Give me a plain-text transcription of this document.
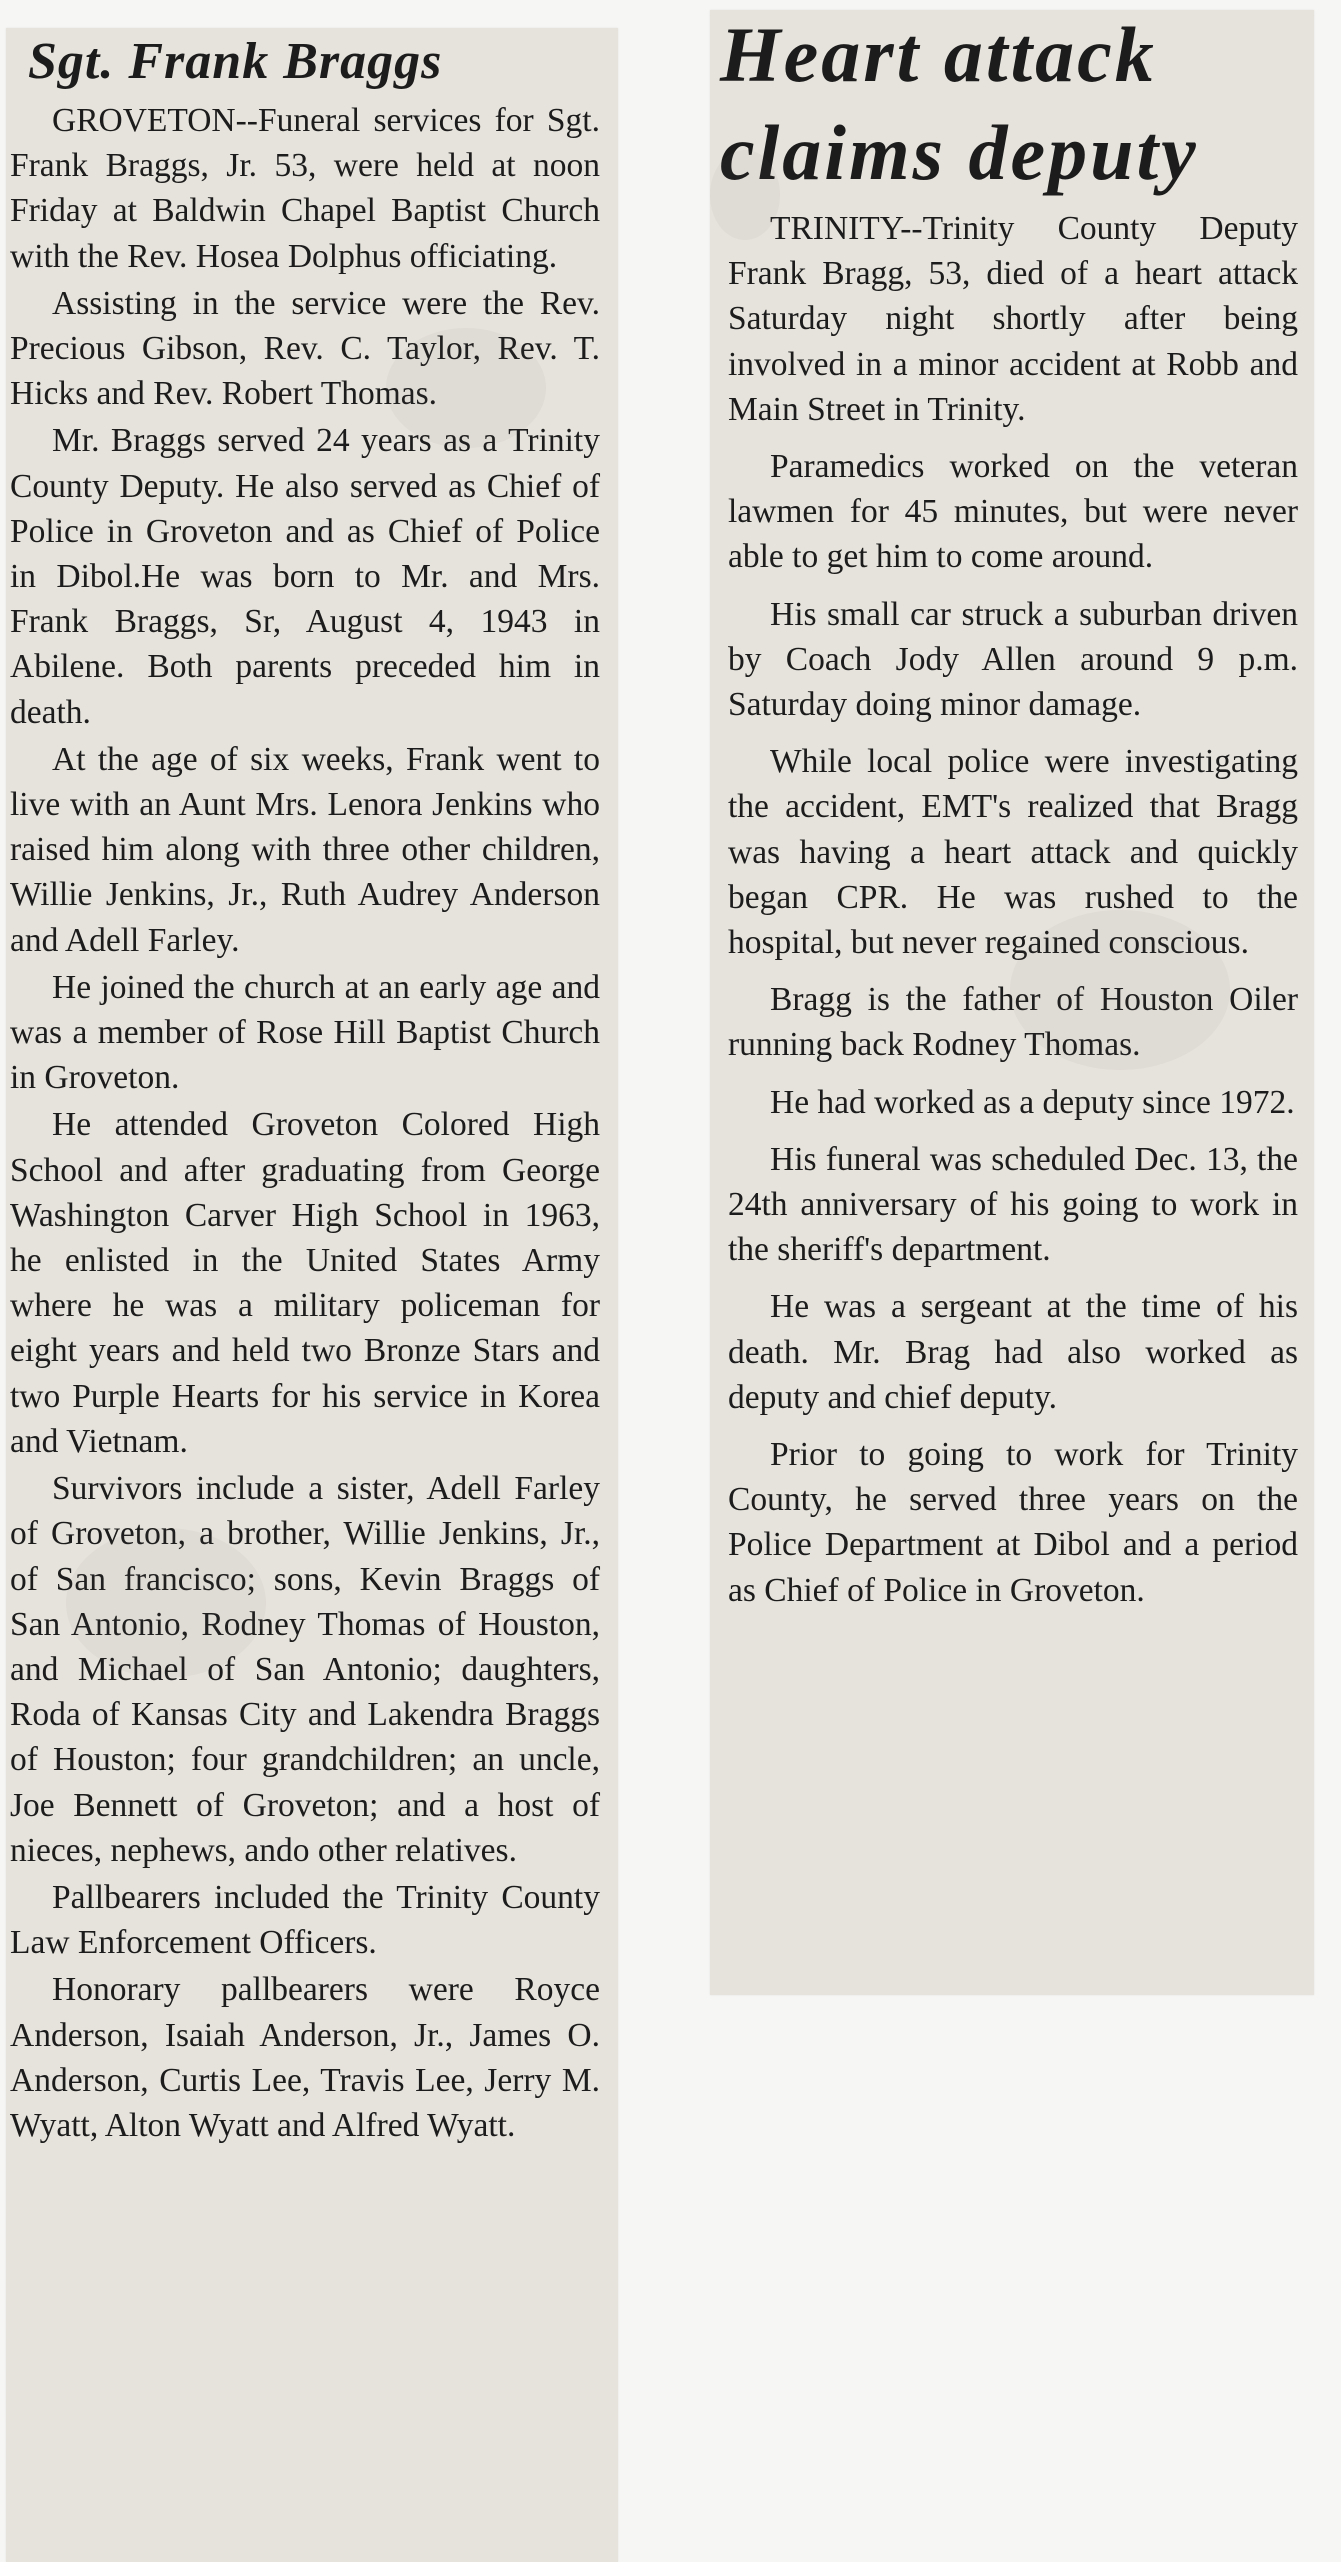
Sgt. Frank Braggs

GROVETON--Funeral services for Sgt. Frank Braggs, Jr. 53, were held at noon Friday at Baldwin Chapel Baptist Church with the Rev. Hosea Dolphus officiating.

Assisting in the service were the Rev. Precious Gibson, Rev. C. Taylor, Rev. T. Hicks and Rev. Robert Thomas.

Mr. Braggs served 24 years as a Trinity County Deputy. He also served as Chief of Police in Groveton and as Chief of Police in Dibol.He was born to Mr. and Mrs. Frank Braggs, Sr, August 4, 1943 in Abilene. Both parents preceded him in death.

At the age of six weeks, Frank went to live with an Aunt Mrs. Lenora Jenkins who raised him along with three other children, Willie Jenkins, Jr., Ruth Audrey Anderson and Adell Farley.

He joined the church at an early age and was a member of Rose Hill Baptist Church in Groveton.

He attended Groveton Colored High School and after graduating from George Washington Carver High School in 1963, he enlisted in the United States Army where he was a military policeman for eight years and held two Bronze Stars and two Purple Hearts for his service in Korea and Vietnam.

Survivors include a sister, Adell Farley of Groveton, a brother, Willie Jenkins, Jr., of San francisco; sons, Kevin Braggs of San Antonio, Rodney Thomas of Houston, and Michael of San Antonio; daughters, Roda of Kansas City and Lakendra Braggs of Houston; four grandchildren; an uncle, Joe Bennett of Groveton; and a host of nieces, nephews, ando other relatives.

Pallbearers included the Trinity County Law Enforcement Officers.

Honorary pallbearers were Royce Anderson, Isaiah Anderson, Jr., James O. Anderson, Curtis Lee, Travis Lee, Jerry M. Wyatt, Alton Wyatt and Alfred Wyatt.

Heart attack
claims deputy

TRINITY--Trinity County Deputy Frank Bragg, 53, died of a heart attack Saturday night shortly after being involved in a minor accident at Robb and Main Street in Trinity.

Paramedics worked on the veteran lawmen for 45 minutes, but were never able to get him to come around.

His small car struck a suburban driven by Coach Jody Allen around 9 p.m. Saturday doing minor damage.

While local police were investigating the accident, EMT's realized that Bragg was having a heart attack and quickly began CPR. He was rushed to the hospital, but never regained conscious.

Bragg is the father of Houston Oiler running back Rodney Thomas.

He had worked as a deputy since 1972.

His funeral was scheduled Dec. 13, the 24th anniversary of his going to work in the sheriff's department.

He was a sergeant at the time of his death. Mr. Brag had also worked as deputy and chief deputy.

Prior to going to work for Trinity County, he served three years on the Police Department at Dibol and a period as Chief of Police in Groveton.
